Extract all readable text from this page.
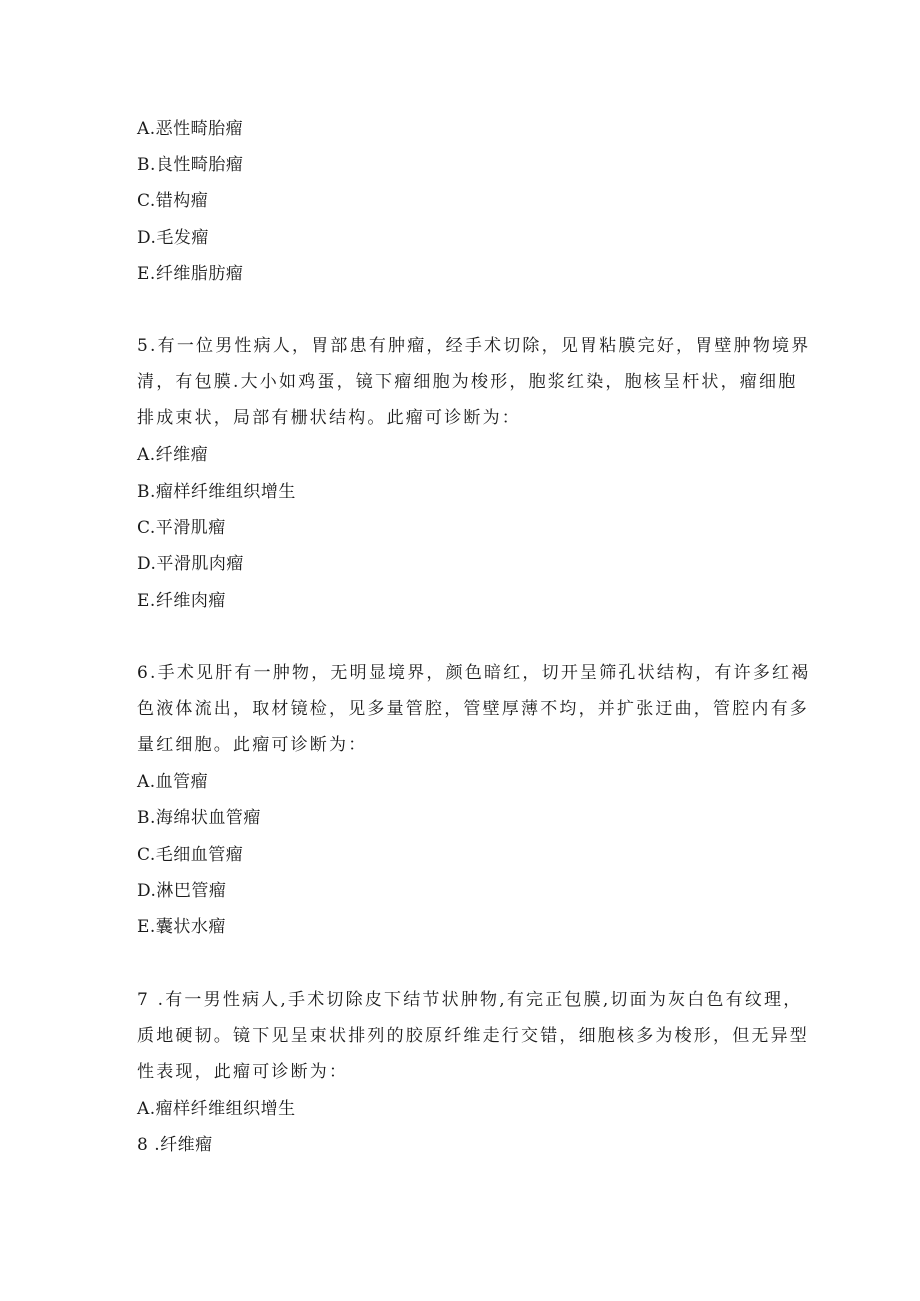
A.恶性畸胎瘤
B.良性畸胎瘤
C.错构瘤
D.毛发瘤
E.纤维脂肪瘤
5.有一位男性病人，胃部患有肿瘤，经手术切除，见胃粘膜完好，胃壁肿物境界
清，有包膜.大小如鸡蛋，镜下瘤细胞为梭形，胞浆红染，胞核呈杆状，瘤细胞
排成束状，局部有栅状结构。此瘤可诊断为：
A.纤维瘤
B.瘤样纤维组织增生
C.平滑肌瘤
D.平滑肌肉瘤
E.纤维肉瘤
6.手术见肝有一肿物，无明显境界，颜色暗红，切开呈筛孔状结构，有许多红褐
色液体流出，取材镜检，见多量管腔，管壁厚薄不均，并扩张迂曲，管腔内有多
量红细胞。此瘤可诊断为：
A.血管瘤
B.海绵状血管瘤
C.毛细血管瘤
D.淋巴管瘤
E.囊状水瘤
7 .有一男性病人,手术切除皮下结节状肿物,有完正包膜,切面为灰白色有纹理，
质地硬韧。镜下见呈束状排列的胶原纤维走行交错，细胞核多为梭形，但无异型
性表现，此瘤可诊断为：
A.瘤样纤维组织增生
8 .纤维瘤
